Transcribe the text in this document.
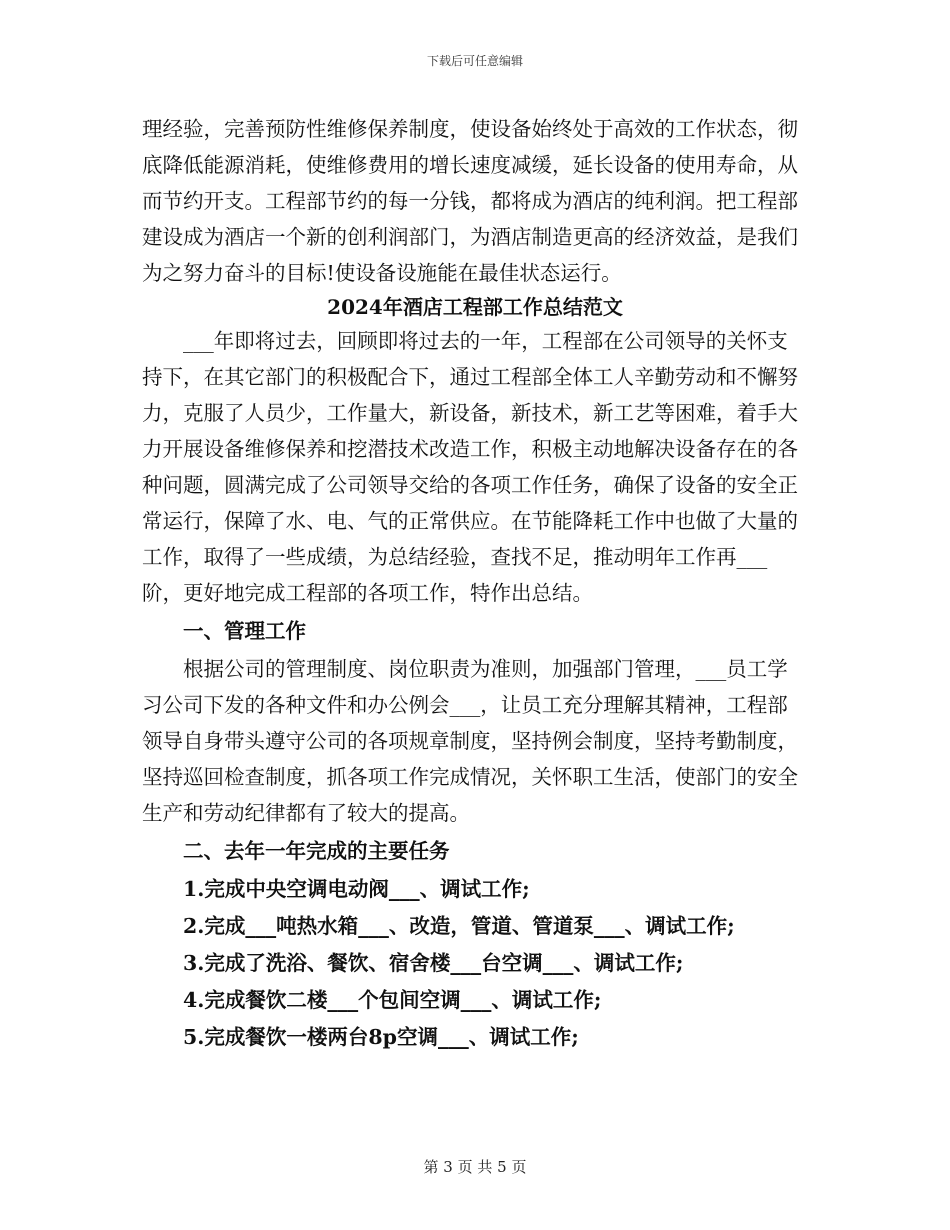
下载后可任意编辑

理经验，完善预防性维修保养制度，使设备始终处于高效的工作状态，彻底降低能源消耗，使维修费用的增长速度减缓，延长设备的使用寿命，从而节约开支。工程部节约的每一分钱，都将成为酒店的纯利润。把工程部建设成为酒店一个新的创利润部门，为酒店制造更高的经济效益，是我们为之努力奋斗的目标!使设备设施能在最佳状态运行。

2024年酒店工程部工作总结范文

___年即将过去，回顾即将过去的一年，工程部在公司领导的关怀支持下，在其它部门的积极配合下，通过工程部全体工人辛勤劳动和不懈努力，克服了人员少，工作量大，新设备，新技术，新工艺等困难，着手大力开展设备维修保养和挖潜技术改造工作，积极主动地解决设备存在的各种问题，圆满完成了公司领导交给的各项工作任务，确保了设备的安全正常运行，保障了水、电、气的正常供应。在节能降耗工作中也做了大量的工作，取得了一些成绩，为总结经验，查找不足，推动明年工作再___阶，更好地完成工程部的各项工作，特作出总结。

一、管理工作

根据公司的管理制度、岗位职责为准则，加强部门管理，___员工学习公司下发的各种文件和办公例会___，让员工充分理解其精神，工程部领导自身带头遵守公司的各项规章制度，坚持例会制度，坚持考勤制度，坚持巡回检查制度，抓各项工作完成情况，关怀职工生活，使部门的安全生产和劳动纪律都有了较大的提高。

二、去年一年完成的主要任务

1.完成中央空调电动阀___、调试工作;

2.完成___吨热水箱___、改造，管道、管道泵___、调试工作;

3.完成了洗浴、餐饮、宿舍楼___台空调___、调试工作;

4.完成餐饮二楼___个包间空调___、调试工作;

5.完成餐饮一楼两台8p空调___、调试工作;

第 3 页 共 5 页
